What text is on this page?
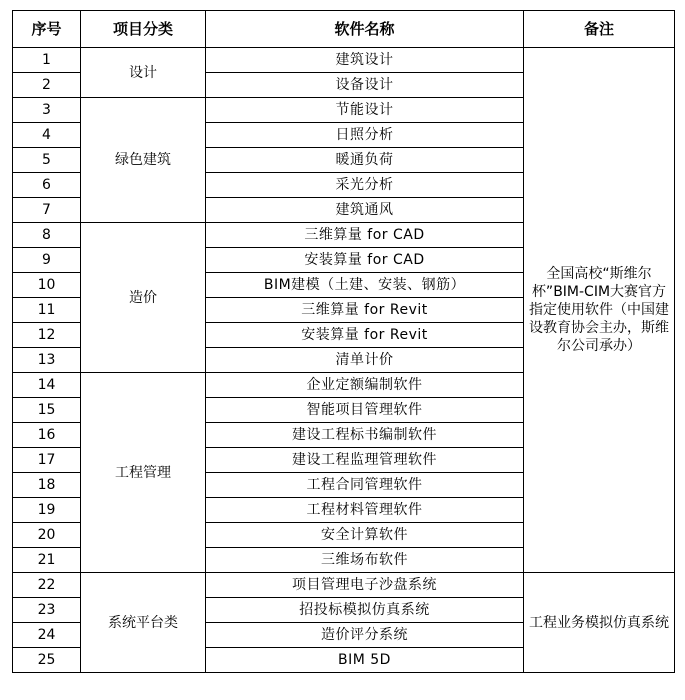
序号	项目分类	软件名称	备注
1	设计	建筑设计	全国高校“斯维尔杯”BIM-CIM大赛官方指定使用软件（中国建设教育协会主办，斯维尔公司承办）
2		设备设计	
3	绿色建筑	节能设计	
4		日照分析	
5		暖通负荷	
6		采光分析	
7		建筑通风	
8	造价	三维算量 for CAD	
9		安装算量 for CAD	
10		BIM建模（土建、安装、钢筋）	
11		三维算量 for Revit	
12		安装算量 for Revit	
13		清单计价	
14	工程管理	企业定额编制软件	
15		智能项目管理软件	
16		建设工程标书编制软件	
17		建设工程监理管理软件	
18		工程合同管理软件	
19		工程材料管理软件	
20		安全计算软件	
21		三维场布软件	
22	系统平台类	项目管理电子沙盘系统	工程业务模拟仿真系统
23		招投标模拟仿真系统	
24		造价评分系统	
25		BIM 5D	
